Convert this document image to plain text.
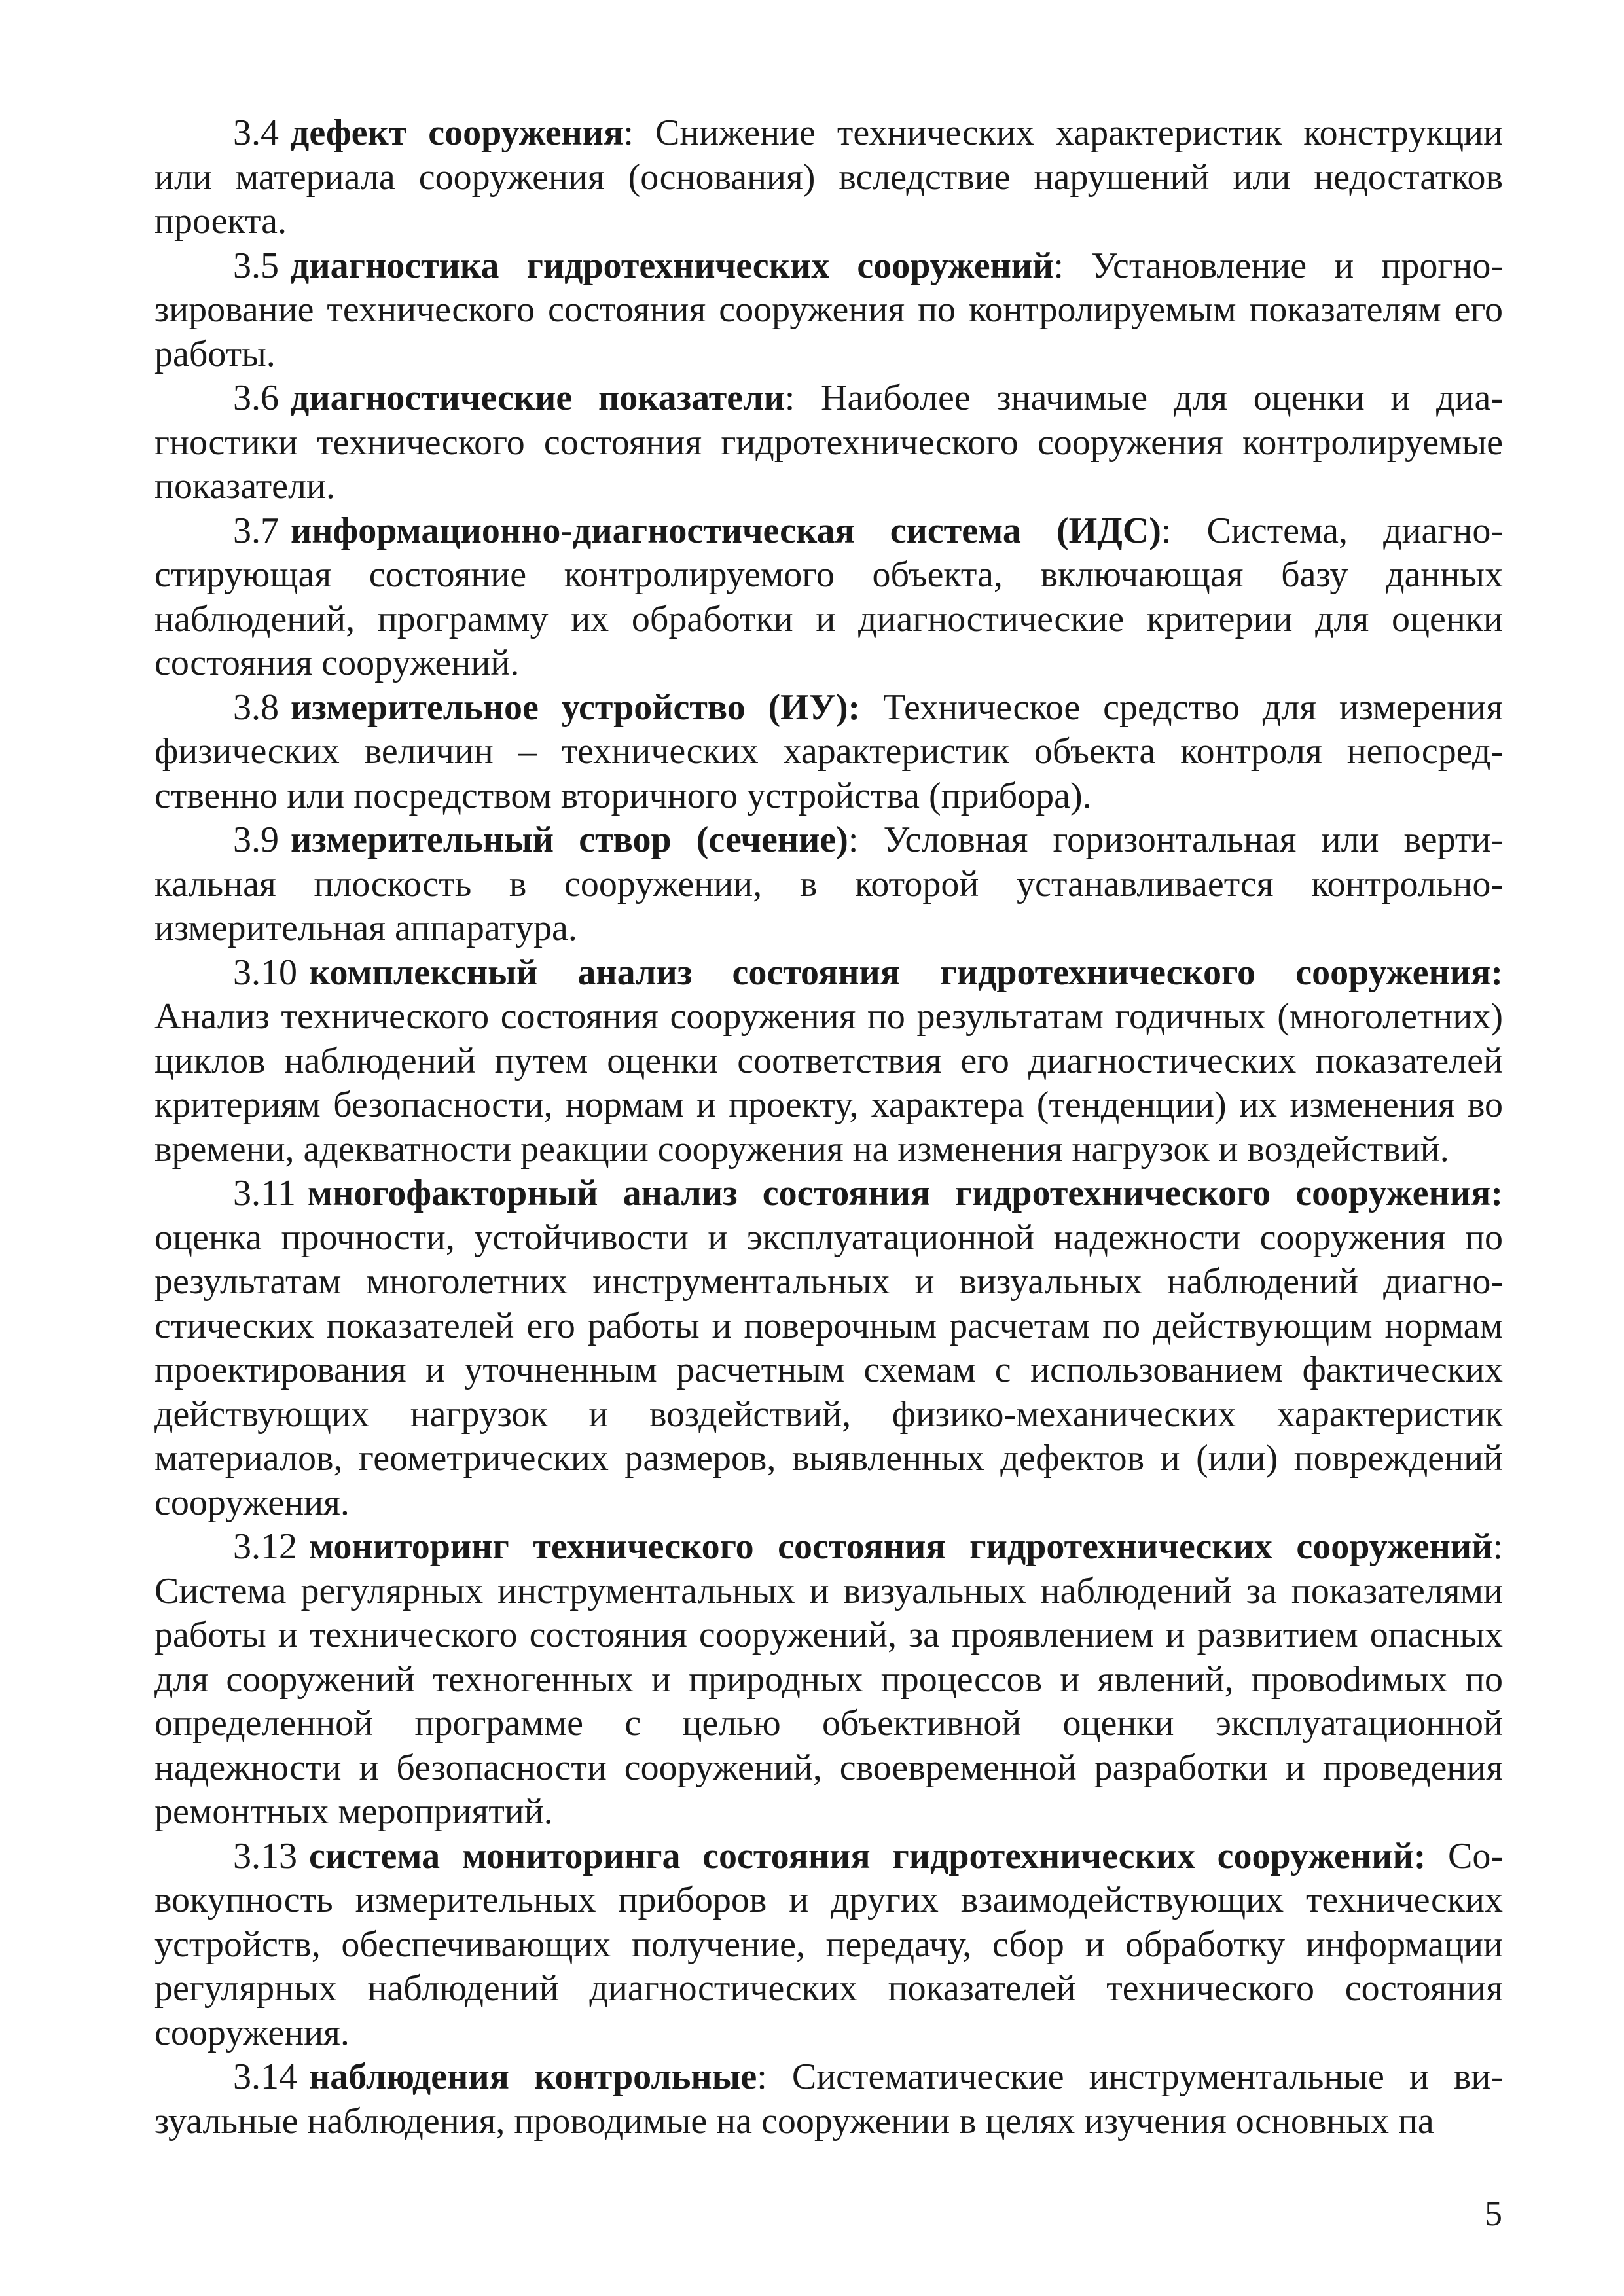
3.4 дефект сооружения: Снижение технических характеристик конструкции или материала сооружения (основания) вследствие нарушений или недостатков проекта.

3.5 диагностика гидротехнических сооружений: Установление и прогнозирование технического состояния сооружения по контролируемым показателям его работы.

3.6 диагностические показатели: Наиболее значимые для оценки и диагностики технического состояния гидротехнического сооружения контролируемые показатели.

3.7 информационно-диагностическая система (ИДС): Система, диагностирующая состояние контролируемого объекта, включающая базу данных наблюдений, программу их обработки и диагностические критерии для оценки состояния сооружений.

3.8 измерительное устройство (ИУ): Техническое средство для измерения физических величин – технических характеристик объекта контроля непосредственно или посредством вторичного устройства (прибора).

3.9 измерительный створ (сечение): Условная горизонтальная или вертикальная плоскость в сооружении, в которой устанавливается контрольно-измерительная аппаратура.

3.10 комплексный анализ состояния гидротехнического сооружения: Анализ технического состояния сооружения по результатам годичных (многолетних) циклов наблюдений путем оценки соответствия его диагностических показателей критериям безопасности, нормам и проекту, характера (тенденции) их изменения во времени, адекватности реакции сооружения на изменения нагрузок и воздействий.

3.11 многофакторный анализ состояния гидротехнического сооружения: оценка прочности, устойчивости и эксплуатационной надежности сооружения по результатам многолетних инструментальных и визуальных наблюдений диагностических показателей его работы и поверочным расчетам по действующим нормам проектирования и уточненным расчетным схемам с использованием фактических действующих нагрузок и воздействий, физико-механических характеристик материалов, геометрических размеров, выявленных дефектов и (или) повреждений сооружения.

3.12 мониторинг технического состояния гидротехнических сооружений: Система регулярных инструментальных и визуальных наблюдений за показателями работы и технического состояния сооружений, за проявлением и развитием опасных для сооружений техногенных и природных процессов и явлений, провоdимых по определенной программе с целью объективной оценки эксплуатационной надежности и безопасности сооружений, своевременной разработки и проведения ремонтных мероприятий.

3.13 система мониторинга состояния гидротехнических сооружений: Совокупность измерительных приборов и других взаимодействующих технических устройств, обеспечивающих получение, передачу, сбор и обработку информации регулярных наблюдений диагностических показателей технического состояния сооружения.

3.14 наблюдения контрольные: Систематические инструментальные и визуальные наблюдения, проводимые на сооружении в целях изучения основных па

5
